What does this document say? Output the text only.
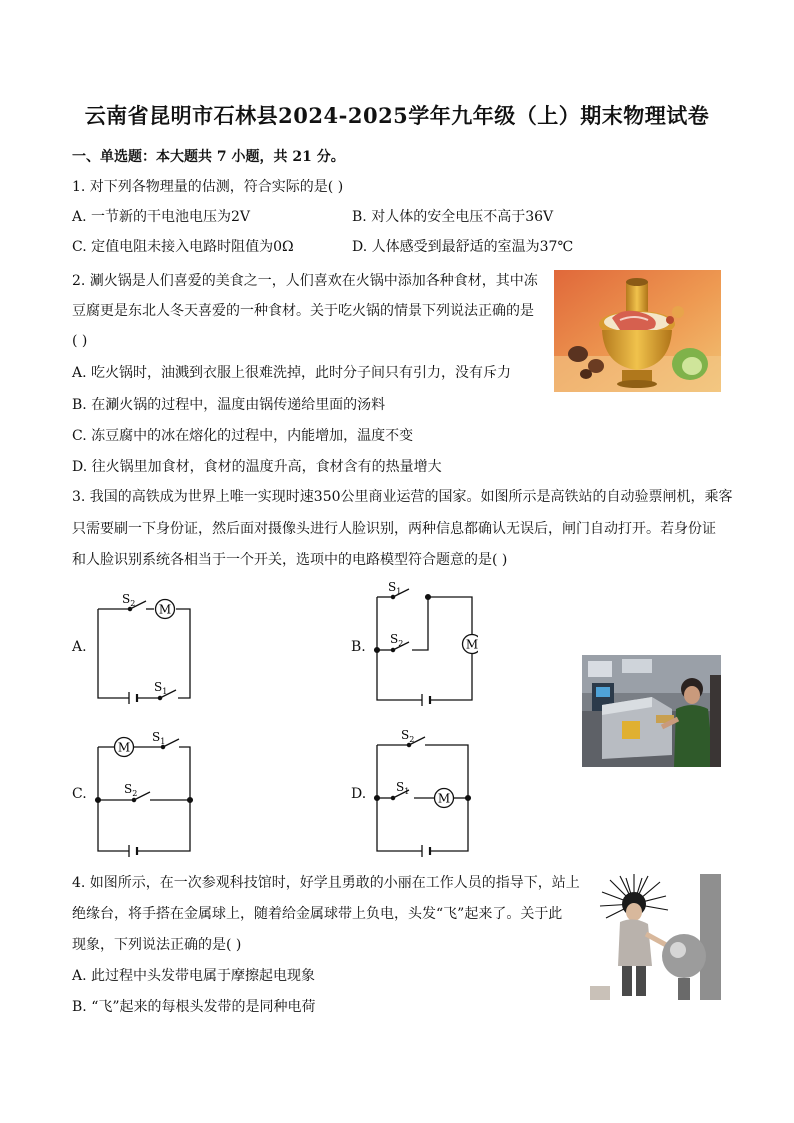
云南省昆明市石林县2024-2025学年九年级（上）期末物理试卷
一、单选题：本大题共 7 小题，共 21 分。
1. 对下列各物理量的估测，符合实际的是( )
A. 一节新的干电池电压为2V	B. 对人体的安全电压不高于36V
C. 定值电阻未接入电路时阻值为0Ω	D. 人体感受到最舒适的室温为37℃
2. 涮火锅是人们喜爱的美食之一，人们喜欢在火锅中添加各种食材，其中冻
豆腐更是东北人冬天喜爱的一种食材。关于吃火锅的情景下列说法正确的是
( )
A. 吃火锅时，油溅到衣服上很难洗掉，此时分子间只有引力，没有斥力
B. 在涮火锅的过程中，温度由锅传递给里面的汤料
C. 冻豆腐中的冰在熔化的过程中，内能增加，温度不变
D. 往火锅里加食材，食材的温度升高，食材含有的热量增大
3. 我国的高铁成为世界上唯一实现时速350公里商业运营的国家。如图所示是高铁站的自动验票闸机，乘客
只需要刷一下身份证，然后面对摄像头进行人脸识别，两种信息都确认无误后，闸门自动打开。若身份证
和人脸识别系统各相当于一个开关，选项中的电路模型符合题意的是( )
A.
M
$S_2$
$S_1$
B.	M
$S_1$
$S_2$
C.
M
$S_1$
$S_2$	D.	M
$S_2$
$S_1$
4. 如图所示，在一次参观科技馆时，好学且勇敢的小丽在工作人员的指导下，站上
绝缘台，将手搭在金属球上，随着给金属球带上负电，头发“飞”起来了。关于此
现象，下列说法正确的是( )
A. 此过程中头发带电属于摩擦起电现象
B. “飞”起来的每根头发带的是同种电荷
